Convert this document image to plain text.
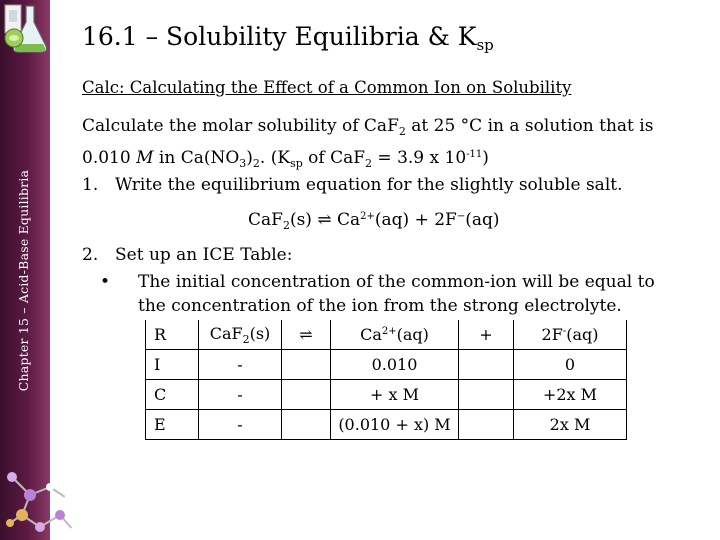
Chapter 15 – Acid-Base Equilibria
16.1 – Solubility Equilibria & $K_{sp}$
Calc: Calculating the Effect of a Common Ion on Solubility
Calculate the molar solubility of CaF$_2$ at 25 °C in a solution that is 0.010 M in $Ca(NO_3)_2$. ($K_{sp}$ of CaF$_2$ = 3.9 x $10^{-11}$)
1. Write the equilibrium equation for the slightly soluble salt.
CaF$_2$(s) ⇌ $Ca^{2+}(aq) + 2F^-(aq)$
2. Set up an ICE Table:
• The initial concentration of the common-ion will be equal to the concentration of the ion from the strong electrolyte.
R	CaF$_2$(s)	⇌	$Ca^{2+}(aq)$	+	2F-(aq)
I	-		0.010		0
C	-		+ x M		+2x M
E	-		(0.010 + x) M		2x M
